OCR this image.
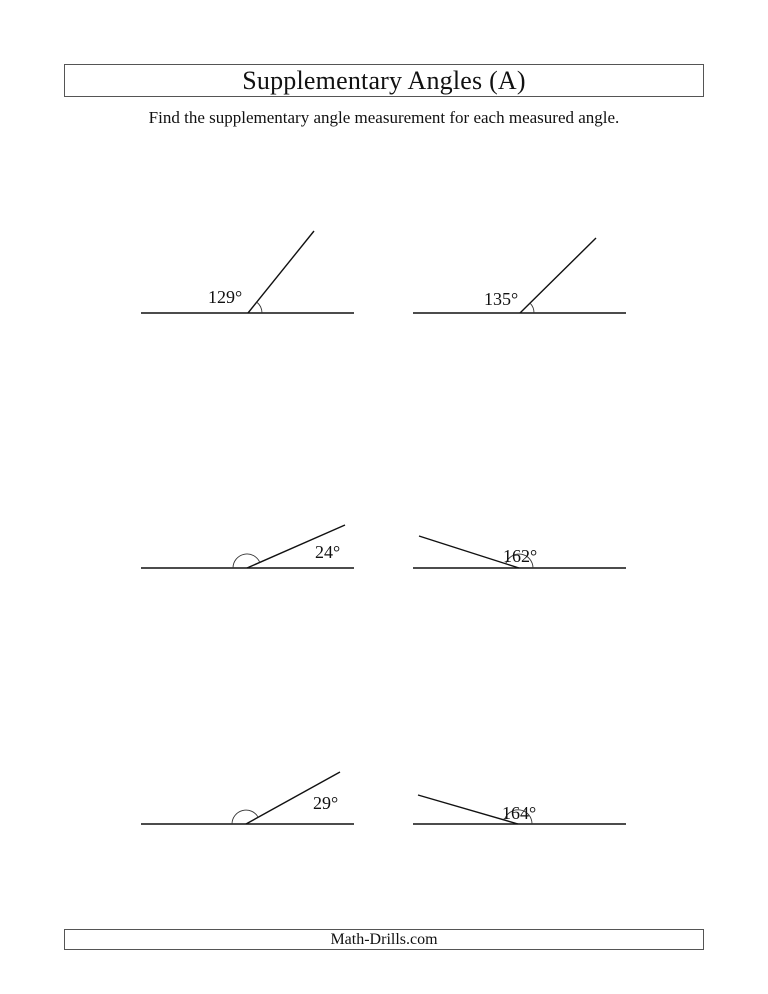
Supplementary Angles (A)
Find the supplementary angle measurement for each measured angle.
129°	135°
24°	162°
29°	164°
Math-Drills.com
